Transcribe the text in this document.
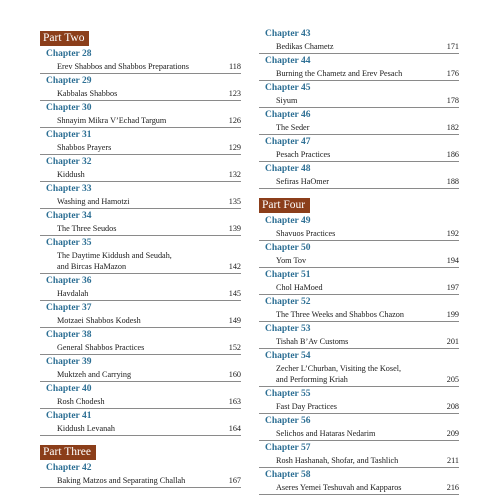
Part Two
Chapter 28
Erev Shabbos and Shabbos Preparations	118
Chapter 29
Kabbalas Shabbos	123
Chapter 30
Shnayim Mikra V’Echad Targum	126
Chapter 31
Shabbos Prayers	129
Chapter 32
Kiddush	132
Chapter 33
Washing and Hamotzi	135
Chapter 34
The Three Seudos	139
Chapter 35
The Daytime Kiddush and Seudah,
and Bircas HaMazon	142
Chapter 36
Havdalah	145
Chapter 37
Motzaei Shabbos Kodesh	149
Chapter 38
General Shabbos Practices	152
Chapter 39
Muktzeh and Carrying	160
Chapter 40
Rosh Chodesh	163
Chapter 41
Kiddush Levanah	164
Part Three
Chapter 42
Baking Matzos and Separating Challah	167
Chapter 43
Bedikas Chametz	171
Chapter 44
Burning the Chametz and Erev Pesach	176
Chapter 45
Siyum	178
Chapter 46
The Seder	182
Chapter 47
Pesach Practices	186
Chapter 48
Sefiras HaOmer	188
Part Four
Chapter 49
Shavuos Practices	192
Chapter 50
Yom Tov	194
Chapter 51
Chol HaMoed	197
Chapter 52
The Three Weeks and Shabbos Chazon	199
Chapter 53
Tishah B’Av Customs	201
Chapter 54
Zecher L’Churban, Visiting the Kosel,
and Performing Kriah	205
Chapter 55
Fast Day Practices	208
Chapter 56
Selichos and Hataras Nedarim	209
Chapter 57
Rosh Hashanah, Shofar, and Tashlich	211
Chapter 58
Aseres Yemei Teshuvah and Kapparos	216
